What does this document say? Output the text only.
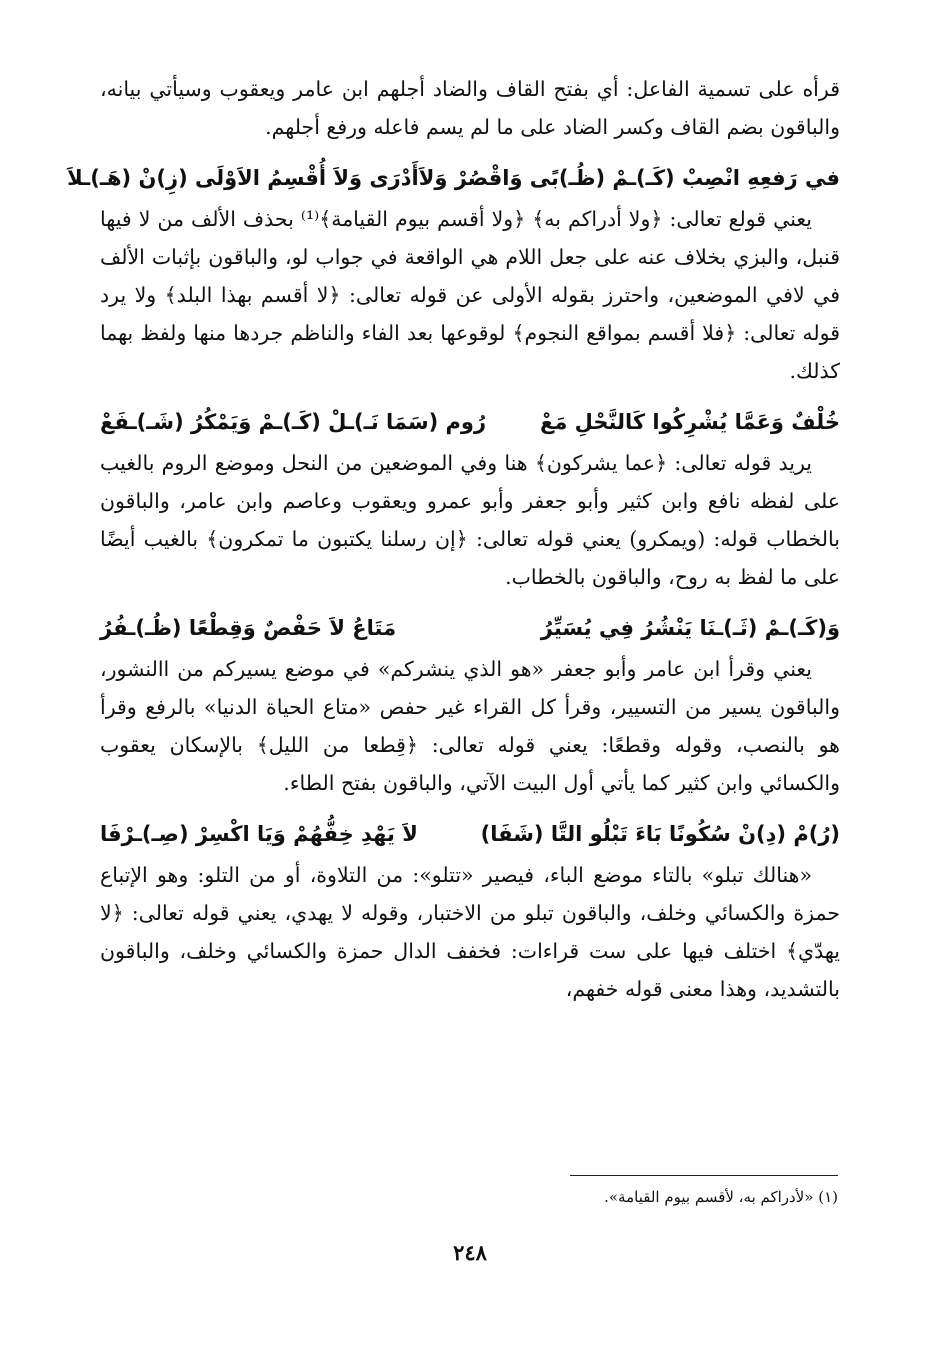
قرأه على تسمية الفاعل: أي بفتح القاف والضاد أجلهم ابن عامر ويعقوب وسيأتي بيانه، والباقون بضم القاف وكسر الضاد على ما لم يسم فاعله ورفع أجلهم.

في رَفعِهِ انْصِبْ (كَـ)ـمْ (ظُـ)بًى وَاقْصُرْ وَلاَ
أَدْرَى وَلاَ أُقْسِمُ الاَوْلَى (زِ)نْ (هَـ)ـلاَ

يعني قولع تعالى: ﴿ولا أدراكم به﴾ ﴿ولا أقسم بيوم القيامة﴾⁽¹⁾ بحذف الألف من لا فيها قنبل، والبزي بخلاف عنه على جعل اللام هي الواقعة في جواب لو، والباقون بإثبات الألف في لافي الموضعين، واحترز بقوله الأولى عن قوله تعالى: ﴿لا أقسم بهذا البلد﴾ ولا يرد قوله تعالى: ﴿فلا أقسم بمواقع النجوم﴾ لوقوعها بعد الفاء والناظم جردها منها ولفظ بهما كذلك.

خُلْفٌ وَعَمَّا يُشْرِكُوا كَالنَّحْلِ مَعْ
رُوم (سَمَا نَـ)ـلْ (كَـ)ـمْ وَيَمْكُرُ (شَـ)ـفَعْ

يريد قوله تعالى: ﴿عما يشركون﴾ هنا وفي الموضعين من النحل وموضع الروم بالغيب على لفظه نافع وابن كثير وأبو جعفر وأبو عمرو ويعقوب وعاصم وابن عامر، والباقون بالخطاب قوله: (ويمكرو) يعني قوله تعالى: ﴿إن رسلنا يكتبون ما تمكرون﴾ بالغيب أيضًا على ما لفظ به روح، والباقون بالخطاب.

وَ(كَـ)ـمْ (ثَـ)ـنَا يَنْشُرُ فِي يُسَيِّرُ
مَتَاعُ لاَ حَفْصٌ وَقِطْعًا (ظُـ)ـفُرُ

يعني وقرأ ابن عامر وأبو جعفر «هو الذي ينشركم» في موضع يسيركم من االنشور، والباقون يسير من التسيير، وقرأ كل القراء غير حفص «متاع الحياة الدنيا» بالرفع وقرأ هو بالنصب، وقوله وقطعًا: يعني قوله تعالى: ﴿قِطعا من الليل﴾ بالإسكان يعقوب والكسائي وابن كثير كما يأتي أول البيت الآتي، والباقون بفتح الطاء.

(رُ)مْ (دِ)نْ سُكُونًا بَاءَ تَبْلُو التَّا (شَفَا)
لاَ يَهْدِ خِفُّهُمْ وَيَا اكْسِرْ (صِـ)ـرْفَا

«هنالك تبلو» بالتاء موضع الباء، فيصير «تتلو»: من التلاوة، أو من التلو: وهو الإتباع حمزة والكسائي وخلف، والباقون تبلو من الاختبار، وقوله لا يهدي، يعني قوله تعالى: ﴿لا يهدّي﴾ اختلف فيها على ست قراءات: فخفف الدال حمزة والكسائي وخلف، والباقون بالتشديد، وهذا معنى قوله خفهم،

(١) «لأدراكم به، لأقسم بيوم القيامة».

٢٤٨
